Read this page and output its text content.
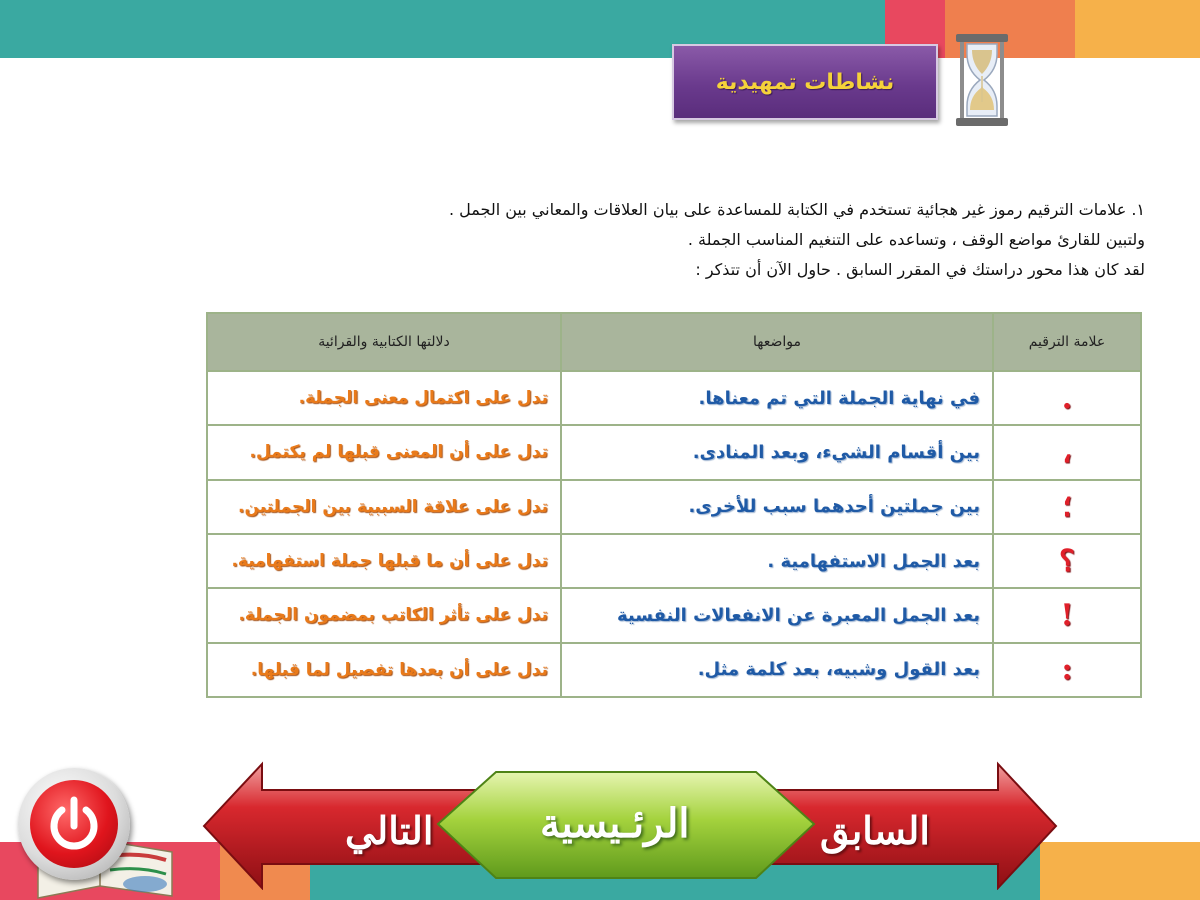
نشاطات تمهيدية
١. علامات الترقيم رموز غير هجائية تستخدم في الكتابة للمساعدة على بيان العلاقات والمعاني بين الجمل .
ولتبين للقارئ مواضع الوقف ، وتساعده على التنغيم المناسب الجملة .
لقد كان هذا محور دراستك في المقرر السابق . حاول الآن أن تتذكر :
علامة الترقيم	مواضعها	دلالتها الكتابية والقرائية
.	في نهاية الجملة التي تم معناها.	تدل على اكتمال معنى الجملة.
،	بين أقسام الشيء، وبعد المنادى.	تدل على أن المعنى قبلها لم يكتمل.
؛	بين جملتين أحدهما سبب للأخرى.	تدل على علاقة السببية بين الجملتين.
؟	بعد الجمل الاستفهامية .	تدل على أن ما قبلها جملة استفهامية.
!	بعد الجمل المعبرة عن الانفعالات النفسية	تدل على تأثر الكاتب بمضمون الجملة.
:	بعد القول وشبيه، بعد كلمة مثل.	تدل على أن بعدها تفصيل لما قبلها.
التالي	الرئـيسية	السابق
